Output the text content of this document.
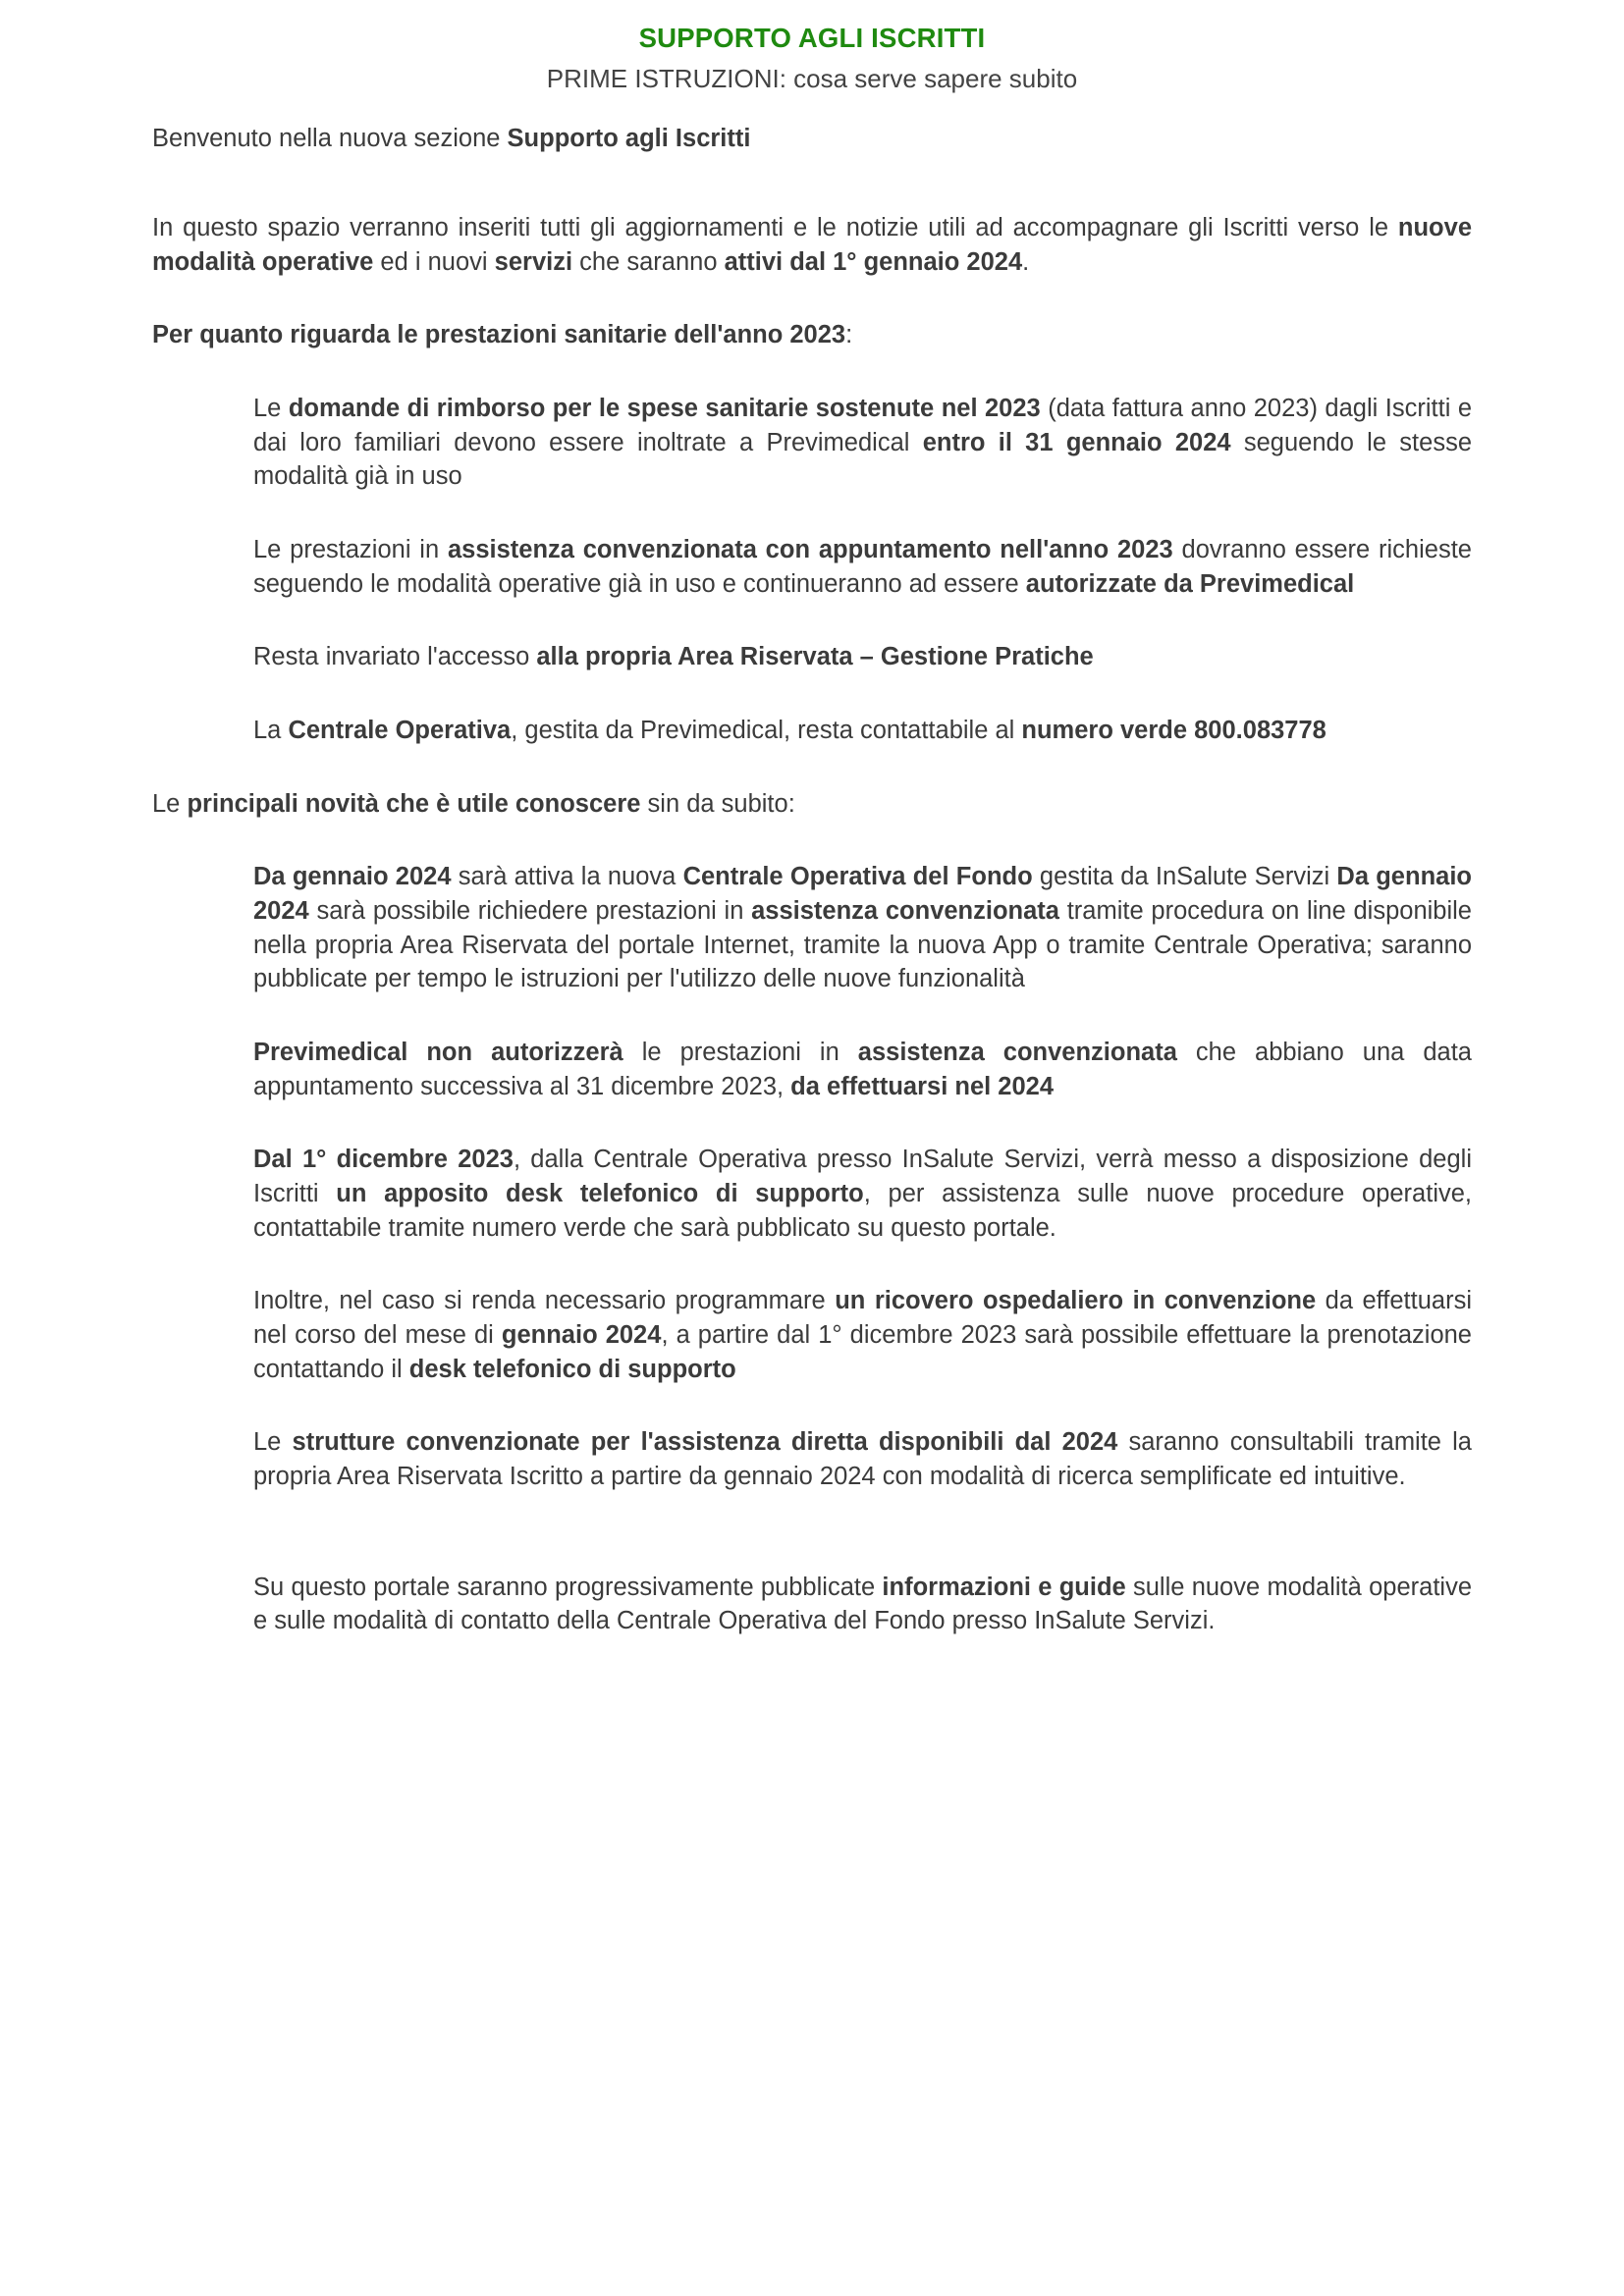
SUPPORTO AGLI ISCRITTI

PRIME ISTRUZIONI: cosa serve sapere subito

Benvenuto nella nuova sezione Supporto agli Iscritti

In questo spazio verranno inseriti tutti gli aggiornamenti e le notizie utili ad accompagnare gli Iscritti verso le nuove modalità operative ed i nuovi servizi che saranno attivi dal 1° gennaio 2024.

Per quanto riguarda le prestazioni sanitarie dell'anno 2023:

Le domande di rimborso per le spese sanitarie sostenute nel 2023 (data fattura anno 2023) dagli Iscritti e dai loro familiari devono essere inoltrate a Previmedical entro il 31 gennaio 2024 seguendo le stesse modalità già in uso

Le prestazioni in assistenza convenzionata con appuntamento nell'anno 2023 dovranno essere richieste seguendo le modalità operative già in uso e continueranno ad essere autorizzate da Previmedical

Resta invariato l'accesso alla propria Area Riservata – Gestione Pratiche

La Centrale Operativa, gestita da Previmedical, resta contattabile al numero verde 800.083778

Le principali novità che è utile conoscere sin da subito:

Da gennaio 2024 sarà attiva la nuova Centrale Operativa del Fondo gestita da InSalute Servizi Da gennaio 2024 sarà possibile richiedere prestazioni in assistenza convenzionata tramite procedura on line disponibile nella propria Area Riservata del portale Internet, tramite la nuova App o tramite Centrale Operativa; saranno pubblicate per tempo le istruzioni per l'utilizzo delle nuove funzionalità

Previmedical non autorizzerà le prestazioni in assistenza convenzionata che abbiano una data appuntamento successiva al 31 dicembre 2023, da effettuarsi nel 2024

Dal 1° dicembre 2023, dalla Centrale Operativa presso InSalute Servizi, verrà messo a disposizione degli Iscritti un apposito desk telefonico di supporto, per assistenza sulle nuove procedure operative, contattabile tramite numero verde che sarà pubblicato su questo portale.

Inoltre, nel caso si renda necessario programmare un ricovero ospedaliero in convenzione da effettuarsi nel corso del mese di gennaio 2024, a partire dal 1° dicembre 2023 sarà possibile effettuare la prenotazione contattando il desk telefonico di supporto

Le strutture convenzionate per l'assistenza diretta disponibili dal 2024 saranno consultabili tramite la propria Area Riservata Iscritto a partire da gennaio 2024 con modalità di ricerca semplificate ed intuitive.

Su questo portale saranno progressivamente pubblicate informazioni e guide sulle nuove modalità operative e sulle modalità di contatto della Centrale Operativa del Fondo presso InSalute Servizi.
